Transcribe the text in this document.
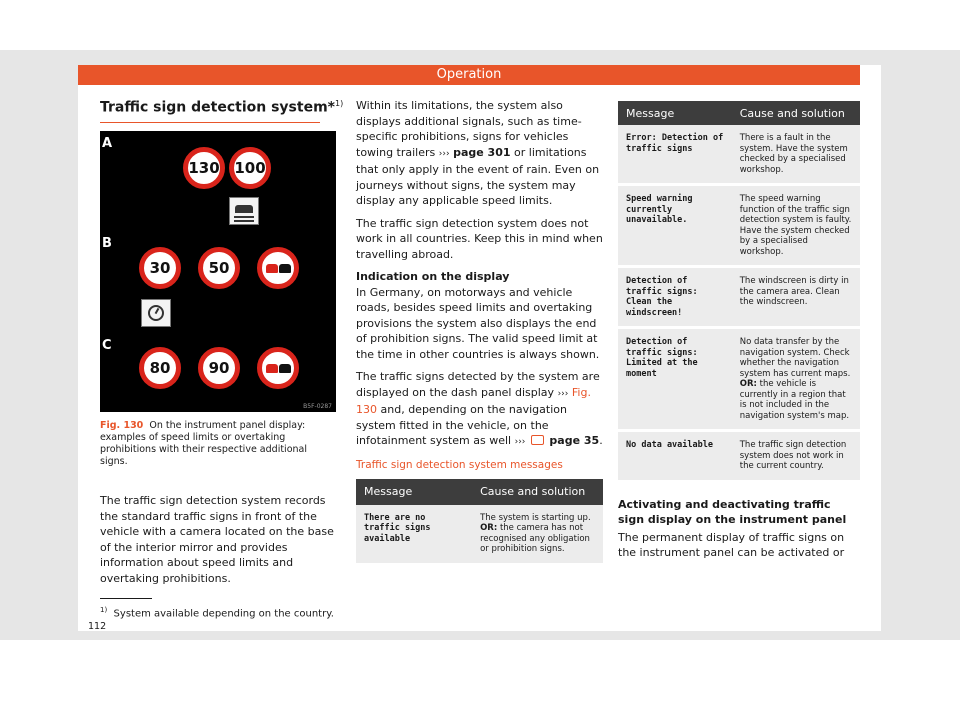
Operation
Traffic sign detection system*$^{1)}$
A
130 100
B
30	50
C
80	90
B5F-0287
Fig. 130 On the instrument panel display: examples of speed limits or overtaking prohibitions with their respective additional signs.
The traffic sign detection system records the standard traffic signs in front of the vehicle with a camera located on the base of the interior mirror and provides information about speed limits and overtaking prohibitions.

Within its limitations, the system also displays additional signals, such as time-specific prohibitions, signs for vehicles towing trailers ››› page 301 or limitations that only apply in the event of rain. Even on journeys without signs, the system may display any applicable speed limits.

The traffic sign detection system does not work in all countries. Keep this in mind when travelling abroad.

Indication on the display

In Germany, on motorways and vehicle roads, besides speed limits and overtaking provisions the system also displays the end of prohibition signs. The valid speed limit at the time in other countries is always shown.

The traffic signs detected by the system are displayed on the dash panel display ››› Fig. 130 and, depending on the navigation system fitted in the vehicle, on the infotainment system as well ››› page 35.

Traffic sign detection system messages
Message	Cause and solution
There are no traffic signs available	The system is starting up.
OR: the camera has not recognised any obligation or prohibition signs.
Message	Cause and solution
Error: Detection of traffic signs	There is a fault in the system. Have the system checked by a specialised workshop.
Speed warning currently unavailable.	The speed warning function of the traffic sign detection system is faulty. Have the system checked by a specialised workshop.
Detection of traffic signs: Clean the windscreen!	The windscreen is dirty in the camera area. Clean the windscreen.
Detection of traffic signs: Limited at the moment	No data transfer by the navigation system. Check whether the navigation system has current maps.
OR: the vehicle is currently in a region that is not included in the navigation system's map.
No data available	The traffic sign detection system does not work in the current country.
Activating and deactivating traffic sign display on the instrument panel
The permanent display of traffic signs on the instrument panel can be activated or
$^{1)}$ System available depending on the country.
112
